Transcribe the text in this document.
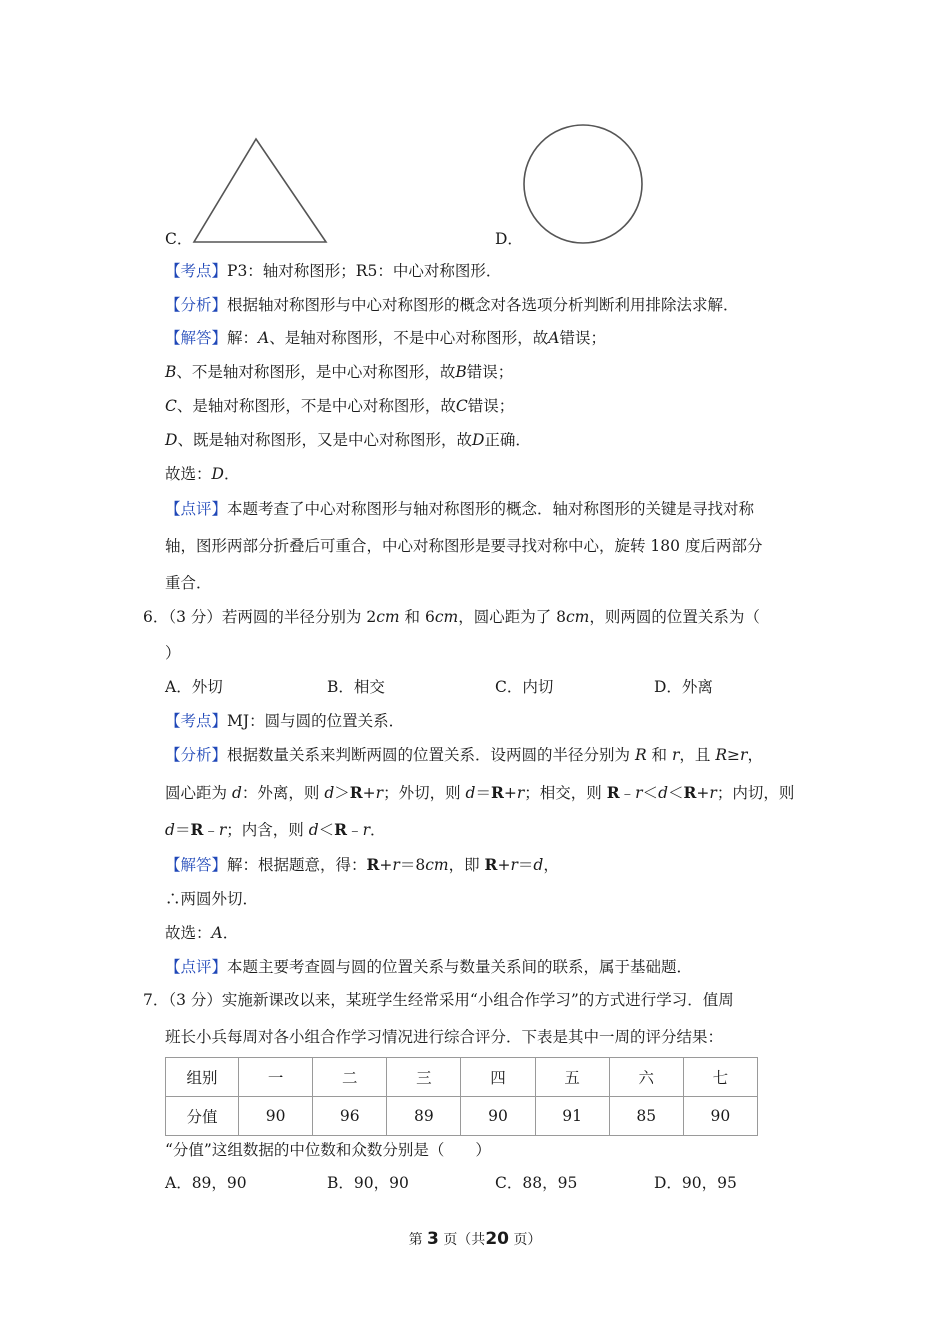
C．	D．
【考点】P3：轴对称图形；R5：中心对称图形．
【分析】根据轴对称图形与中心对称图形的概念对各选项分析判断利用排除法求解．
【解答】解：A、是轴对称图形，不是中心对称图形，故A错误；
B、不是轴对称图形，是中心对称图形，故B错误；
C、是轴对称图形，不是中心对称图形，故C错误；
D、既是轴对称图形，又是中心对称图形，故D正确．
故选：D．
【点评】本题考查了中心对称图形与轴对称图形的概念．轴对称图形的关键是寻找对称
轴，图形两部分折叠后可重合，中心对称图形是要寻找对称中心，旋转 180 度后两部分
重合．
6．（3 分）若两圆的半径分别为 2cm 和 6cm，圆心距为了 8cm，则两圆的位置关系为（
）
A．外切	B．相交	C．内切	D．外离
【考点】MJ：圆与圆的位置关系．
【分析】根据数量关系来判断两圆的位置关系．设两圆的半径分别为 R 和 r，且 R≥r，
圆心距为 d：外离，则 d＞R+r；外切，则 d＝R+r；相交，则 R﹣r＜d＜R+r；内切，则
d＝R﹣r；内含，则 d＜R﹣r．
【解答】解：根据题意，得：R+r＝8cm，即 R+r＝d，
∴两圆外切．
故选：A．
【点评】本题主要考查圆与圆的位置关系与数量关系间的联系，属于基础题．
7．（3 分）实施新课改以来，某班学生经常采用“小组合作学习”的方式进行学习．值周
班长小兵每周对各小组合作学习情况进行综合评分．下表是其中一周的评分结果：
组别	一	二	三	四	五	六	七
分值	90	96	89	90	91	85	90
“分值”这组数据的中位数和众数分别是（　　）
A．89，90	B．90，90	C．88，95	D．90，95
第 3 页（共20 页）
